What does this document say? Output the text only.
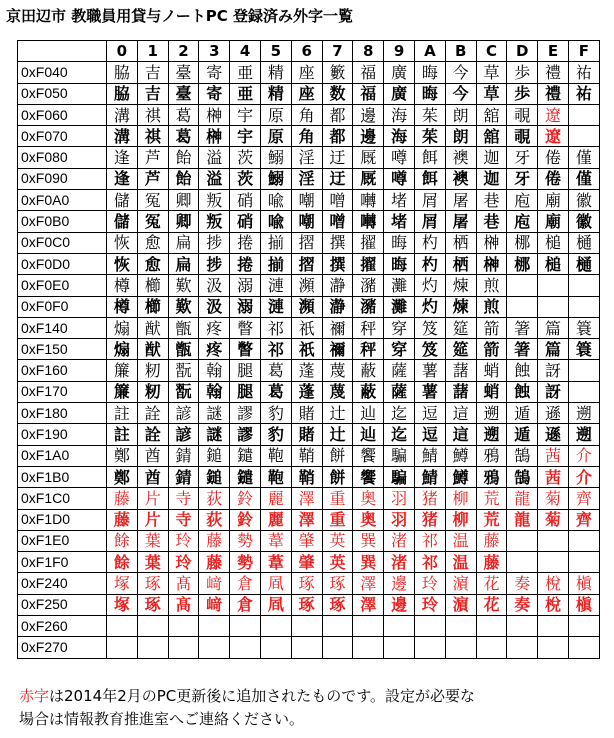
京田辺市 教職員用貸与ノートPC 登録済み外字一覧
	0	1	2	3	4	5	6	7	8	9	A	B	C	D	E	F
0xF040	脇	吉	臺	寄	亜	精	座	籔	福	廣	晦	今	草	歩	禮	祐
0xF050	脇	吉	臺	寄	亜	精	座	数	福	廣	晦	今	草	歩	禮	祐
0xF060	溝	祺	葛	榊	宇	原	角	都	邊	海	茱	朗	舘	覗	遼	
0xF070	溝	祺	葛	榊	宇	原	角	都	邊	海	茱	朗	舘	覗	遼	
0xF080	逢	芦	飴	溢	茨	鰯	淫	迂	厩	噂	餌	襖	迦	牙	倦	僅
0xF090	逢	芦	飴	溢	茨	鰯	淫	迂	厩	噂	餌	襖	迦	牙	倦	僅
0xF0A0	儲	冤	卿	叛	硝	喩	嘲	噌	囀	堵	屑	屠	巷	庖	廟	徽
0xF0B0	儲	冤	卿	叛	硝	喩	嘲	噌	囀	堵	屑	屠	巷	庖	廟	徽
0xF0C0	恢	愈	扁	捗	捲	揃	摺	撰	擢	晦	杓	栖	榊	梛	槌	樋
0xF0D0	恢	愈	扁	捗	捲	揃	摺	撰	擢	晦	杓	栖	榊	梛	槌	樋
0xF0E0	樽	櫛	歎	汲	溺	漣	瀕	瀞	瀦	灘	灼	煉	煎			
0xF0F0	樽	櫛	歎	汲	溺	漣	瀕	瀞	瀦	灘	灼	煉	煎			
0xF140	煽	猷	甑	疼	瞥	祁	祇	禰	秤	穿	笈	筵	箭	箸	篇	簑
0xF150	煽	猷	甑	疼	瞥	祁	祇	禰	秤	穿	笈	筵	箭	箸	篇	簑
0xF160	簾	籾	翫	翰	腿	葛	蓬	蔑	蔽	薩	薯	藷	蛸	蝕	訝	
0xF170	簾	籾	翫	翰	腿	葛	蓬	蔑	蔽	薩	薯	藷	蛸	蝕	訝	
0xF180	註	詮	諺	謎	謬	豹	賭	辻	辿	迄	逗	這	遡	遁	遜	遡
0xF190	註	詮	諺	謎	謬	豹	賭	辻	辿	迄	逗	這	遡	遁	遜	遡
0xF1A0	鄭	酋	錆	鎚	鑓	鞄	鞘	餅	饗	騙	鯖	鱒	鴉	鵠	茜	介
0xF1B0	鄭	酋	錆	鎚	鑓	鞄	鞘	餅	饗	騙	鯖	鱒	鴉	鵠	茜	介
0xF1C0	藤	片	寺	荻	鈴	麗	澤	重	奥	羽	猪	柳	荒	龍	菊	齊
0xF1D0	藤	片	寺	荻	鈴	麗	澤	重	奥	羽	猪	柳	荒	龍	菊	齊
0xF1E0	餘	葉	玲	藤	勢	葦	肇	英	巽	渚	祁	温	藤			
0xF1F0	餘	葉	玲	藤	勢	葦	肇	英	巽	渚	祁	温	藤			
0xF240	塚	琢	髙	﨑	倉	凮	琢	琢	澤	邊	玲	濵	花	奏	梲	槇
0xF250	塚	琢	髙	﨑	倉	凮	琢	琢	澤	邊	玲	濵	花	奏	梲	槇
0xF260																
0xF270																
赤字は2014年2月のPC更新後に追加されたものです。設定が必要な
場合は情報教育推進室へご連絡ください。
